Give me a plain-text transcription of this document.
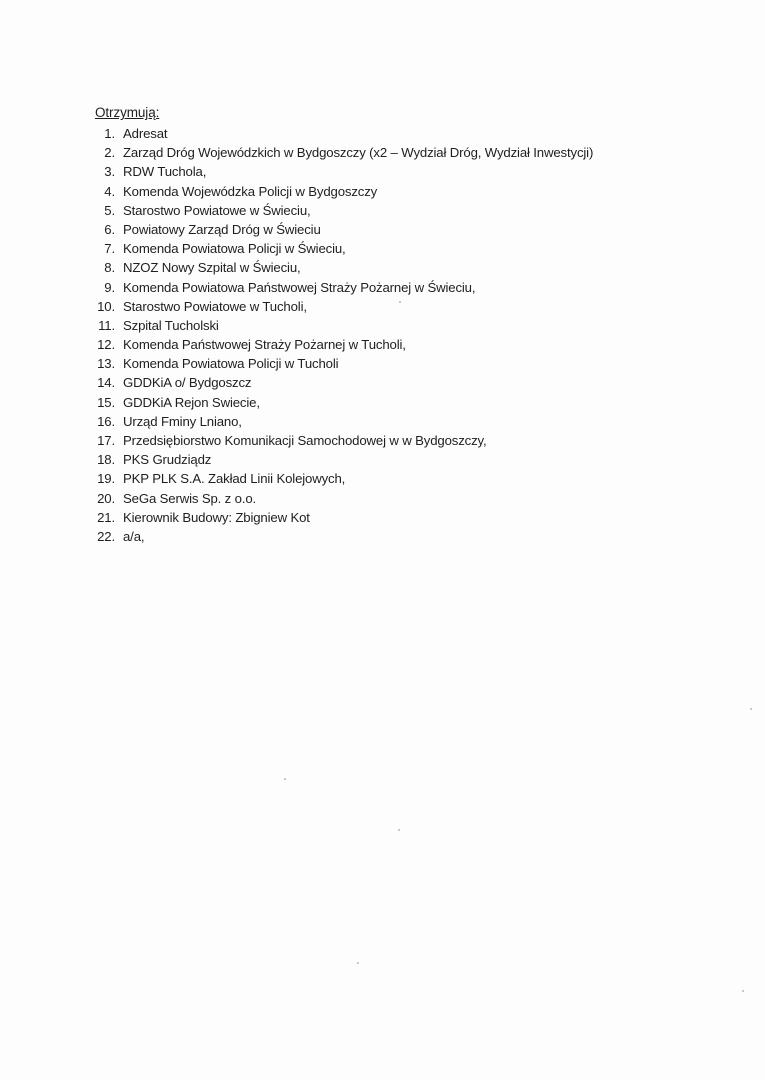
Otrzymują:
1. Adresat
2. Zarząd Dróg Wojewódzkich w Bydgoszczy (x2 – Wydział Dróg, Wydział Inwestycji)
3. RDW Tuchola,
4. Komenda Wojewódzka Policji w Bydgoszczy
5. Starostwo Powiatowe w Świeciu,
6. Powiatowy Zarząd Dróg w Świeciu
7. Komenda Powiatowa Policji w Świeciu,
8. NZOZ Nowy Szpital w Świeciu,
9. Komenda Powiatowa Państwowej Straży Pożarnej w Świeciu,
10. Starostwo Powiatowe w Tucholi,
11. Szpital Tucholski
12. Komenda Państwowej Straży Pożarnej w Tucholi,
13. Komenda Powiatowa Policji w Tucholi
14. GDDKiA o/ Bydgoszcz
15. GDDKiA Rejon Swiecie,
16. Urząd Fminy Lniano,
17. Przedsiębiorstwo Komunikacji Samochodowej w w Bydgoszczy,
18. PKS Grudziądz
19. PKP PLK S.A. Zakład Linii Kolejowych,
20. SeGa Serwis Sp. z o.o.
21. Kierownik Budowy: Zbigniew Kot
22. a/a,
